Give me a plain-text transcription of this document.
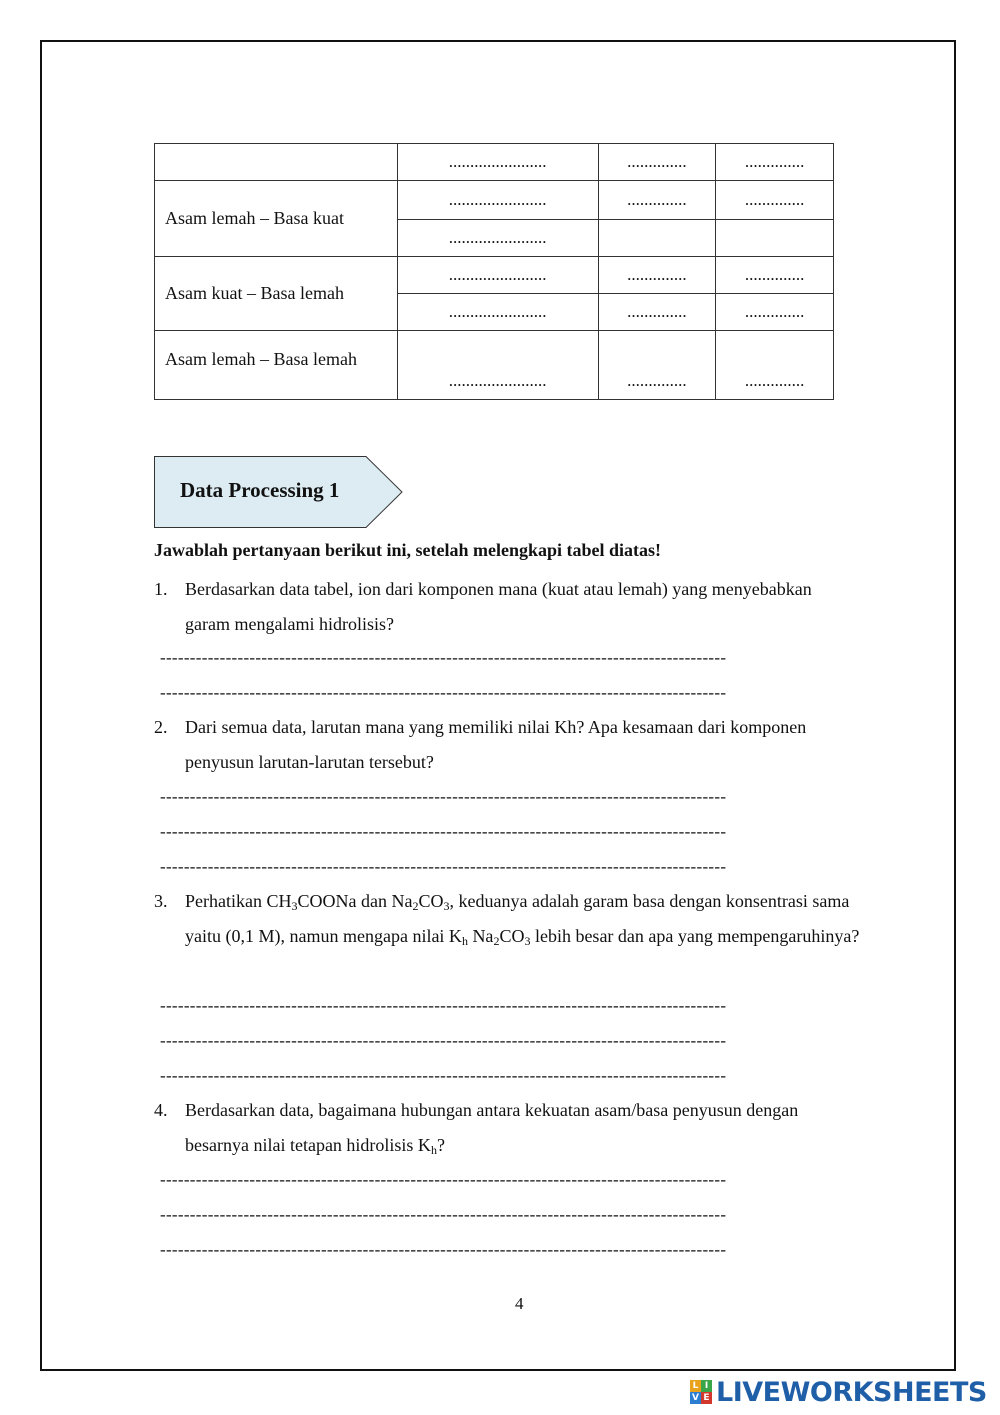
	.......................	..............	..............
Asam lemah – Basa kuat	.......................	..............	..............
	.......................		
Asam kuat – Basa lemah	.......................	..............	..............
	.......................	..............	..............
Asam lemah – Basa lemah	.......................	..............	..............
Data Processing 1
Jawablah pertanyaan berikut ini, setelah melengkapi tabel diatas!
1. Berdasarkan data tabel, ion dari komponen mana (kuat atau lemah) yang menyebabkan garam mengalami hidrolisis?
-----------------------------------------------------------------------------------------------
-----------------------------------------------------------------------------------------------
2. Dari semua data, larutan mana yang memiliki nilai Kh? Apa kesamaan dari komponen penyusun larutan-larutan tersebut?
-----------------------------------------------------------------------------------------------
-----------------------------------------------------------------------------------------------
-----------------------------------------------------------------------------------------------
3. Perhatikan $CH_3COONa$ dan $Na_2CO_3$, keduanya adalah garam basa dengan konsentrasi sama yaitu (0,1 M), namun mengapa nilai $K_h$ $Na_2CO_3$ lebih besar dan apa yang mempengaruhinya?
-----------------------------------------------------------------------------------------------
-----------------------------------------------------------------------------------------------
-----------------------------------------------------------------------------------------------
4. Berdasarkan data, bagaimana hubungan antara kekuatan asam/basa penyusun dengan besarnya nilai tetapan hidrolisis $K_h$?
-----------------------------------------------------------------------------------------------
-----------------------------------------------------------------------------------------------
-----------------------------------------------------------------------------------------------
4
L I
V E LIVEWORKSHEETS
